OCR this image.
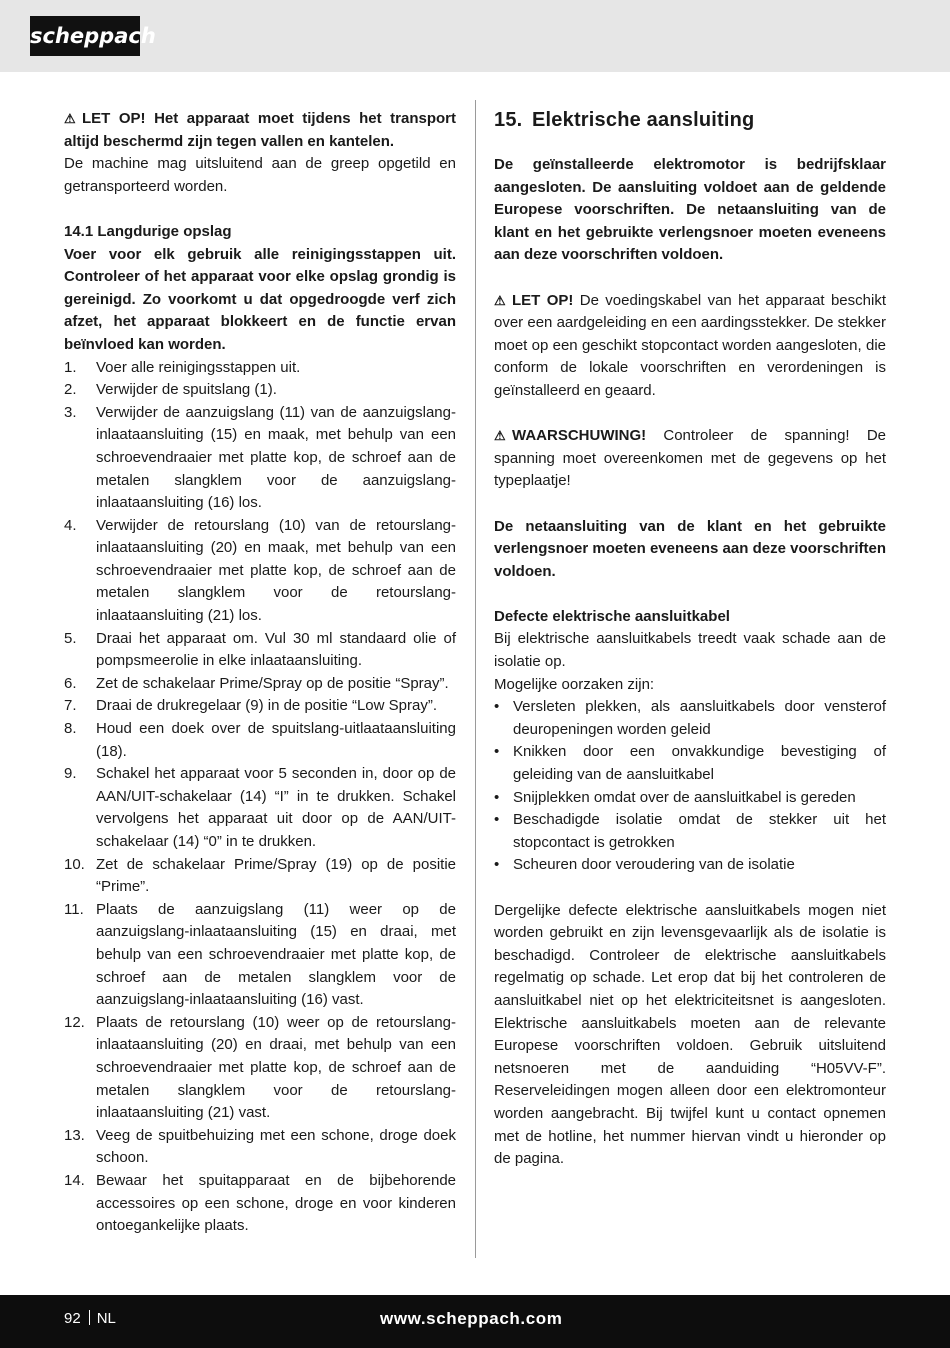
scheppach

⚠ LET OP! Het apparaat moet tijdens het transport altijd beschermd zijn tegen vallen en kantelen.

De machine mag uitsluitend aan de greep opgetild en getransporteerd worden.

14.1 Langdurige opslag

Voer voor elk gebruik alle reinigingsstappen uit. Controleer of het apparaat voor elke opslag grondig is gereinigd. Zo voorkomt u dat opgedroogde verf zich afzet, het apparaat blokkeert en de functie ervan beïnvloed kan worden.

1. Voer alle reinigingsstappen uit.
2. Verwijder de spuitslang (1).
3. Verwijder de aanzuigslang (11) van de aanzuigslang-inlaataansluiting (15) en maak, met behulp van een schroevendraaier met platte kop, de schroef aan de metalen slangklem voor de aanzuigslang-inlaataansluiting (16) los.
4. Verwijder de retourslang (10) van de retourslang-inlaataansluiting (20) en maak, met behulp van een schroevendraaier met platte kop, de schroef aan de metalen slangklem voor de retourslang-inlaataansluiting (21) los.
5. Draai het apparaat om. Vul 30 ml standaard olie of pompsmeerolie in elke inlaataansluiting.
6. Zet de schakelaar Prime/Spray op de positie “Spray”.
7. Draai de drukregelaar (9) in de positie “Low Spray”.
8. Houd een doek over de spuitslang-uitlaataansluiting (18).
9. Schakel het apparaat voor 5 seconden in, door op de AAN/UIT-schakelaar (14) “I” in te drukken. Schakel vervolgens het apparaat uit door op de AAN/UIT-schakelaar (14) “0” in te drukken.
10. Zet de schakelaar Prime/Spray (19) op de positie “Prime”.
11. Plaats de aanzuigslang (11) weer op de aanzuigslang-inlaataansluiting (15) en draai, met behulp van een schroevendraaier met platte kop, de schroef aan de metalen slangklem voor de aanzuigslang-inlaataansluiting (16) vast.
12. Plaats de retourslang (10) weer op de retourslang-inlaataansluiting (20) en draai, met behulp van een schroevendraaier met platte kop, de schroef aan de metalen slangklem voor de retourslang-inlaataansluiting (21) vast.
13. Veeg de spuitbehuizing met een schone, droge doek schoon.
14. Bewaar het spuitapparaat en de bijbehorende accessoires op een schone, droge en voor kinderen ontoegankelijke plaats.
15. Elektrische aansluiting

De geïnstalleerde elektromotor is bedrijfsklaar aangesloten. De aansluiting voldoet aan de geldende Europese voorschriften. De netaansluiting van de klant en het gebruikte verlengsnoer moeten eveneens aan deze voorschriften voldoen.

⚠ LET OP! De voedingskabel van het apparaat beschikt over een aardgeleiding en een aardingsstekker. De stekker moet op een geschikt stopcontact worden aangesloten, die conform de lokale voorschriften en verordeningen is geïnstalleerd en geaard.

⚠ WAARSCHUWING! Controleer de spanning! De spanning moet overeenkomen met de gegevens op het typeplaatje!

De netaansluiting van de klant en het gebruikte verlengsnoer moeten eveneens aan deze voorschriften voldoen.

Defecte elektrische aansluitkabel

Bij elektrische aansluitkabels treedt vaak schade aan de isolatie op.

Mogelijke oorzaken zijn:

• Versleten plekken, als aansluitkabels door vensterof deuropeningen worden geleid
• Knikken door een onvakkundige bevestiging of geleiding van de aansluitkabel
• Snijplekken omdat over de aansluitkabel is gereden
• Beschadigde isolatie omdat de stekker uit het stopcontact is getrokken
• Scheuren door veroudering van de isolatie

Dergelijke defecte elektrische aansluitkabels mogen niet worden gebruikt en zijn levensgevaarlijk als de isolatie is beschadigd. Controleer de elektrische aansluitkabels regelmatig op schade. Let erop dat bij het controleren de aansluitkabel niet op het elektriciteitsnet is aangesloten. Elektrische aansluitkabels moeten aan de relevante Europese voorschriften voldoen. Gebruik uitsluitend netsnoeren met de aanduiding “H05VV-F”. Reserveleidingen mogen alleen door een elektromonteur worden aangebracht. Bij twijfel kunt u contact opnemen met de hotline, het nummer hiervan vindt u hieronder op de pagina.

92 NL	www.scheppach.com
